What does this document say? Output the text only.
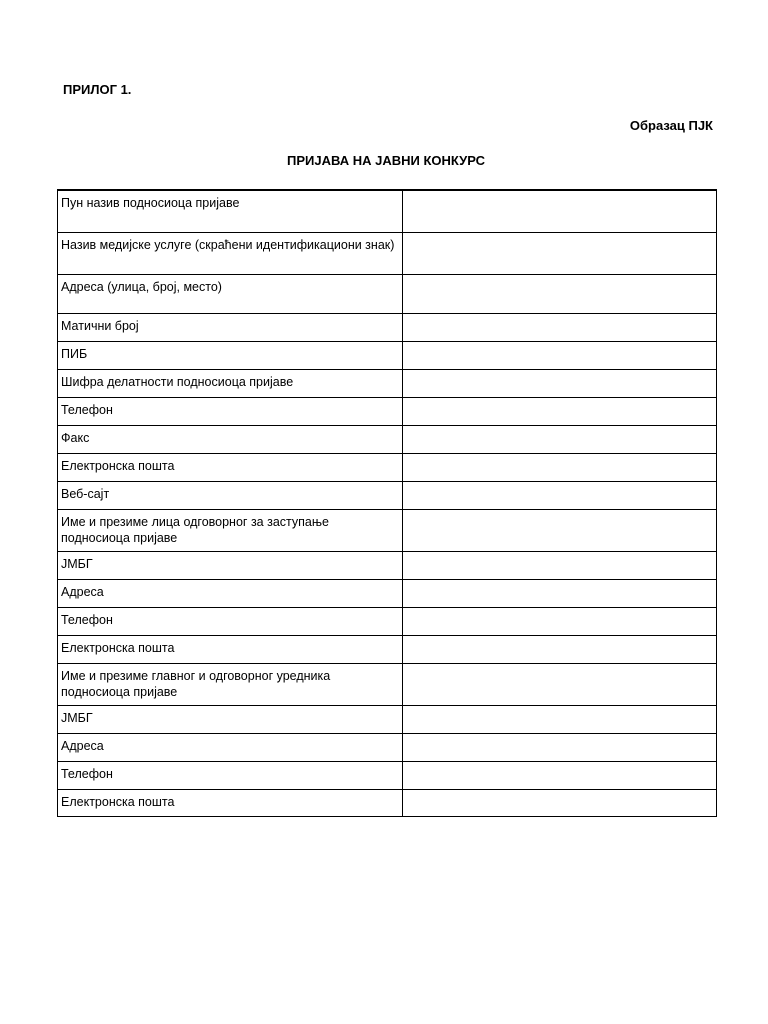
ПРИЛОГ 1.
Образац ПЈК
ПРИЈАВА НА ЈАВНИ КОНКУРС
Пун назив подносиоца пријаве	

Назив медијске услуге (скраћени идентификациони знак)	

Адреса (улица, број, место)	

Матични број	

ПИБ	

Шифра делатности подносиоца пријаве	

Телефон	

Факс	

Електронска пошта	

Веб-сајт	

Име и презиме лица одговорног за заступање подносиоца пријаве	

ЈМБГ	

Адреса	

Телефон	

Електронска пошта	

Име и презиме главног и одговорног уредника подносиоца пријаве	

ЈМБГ	

Адреса	

Телефон	

Електронска пошта	
